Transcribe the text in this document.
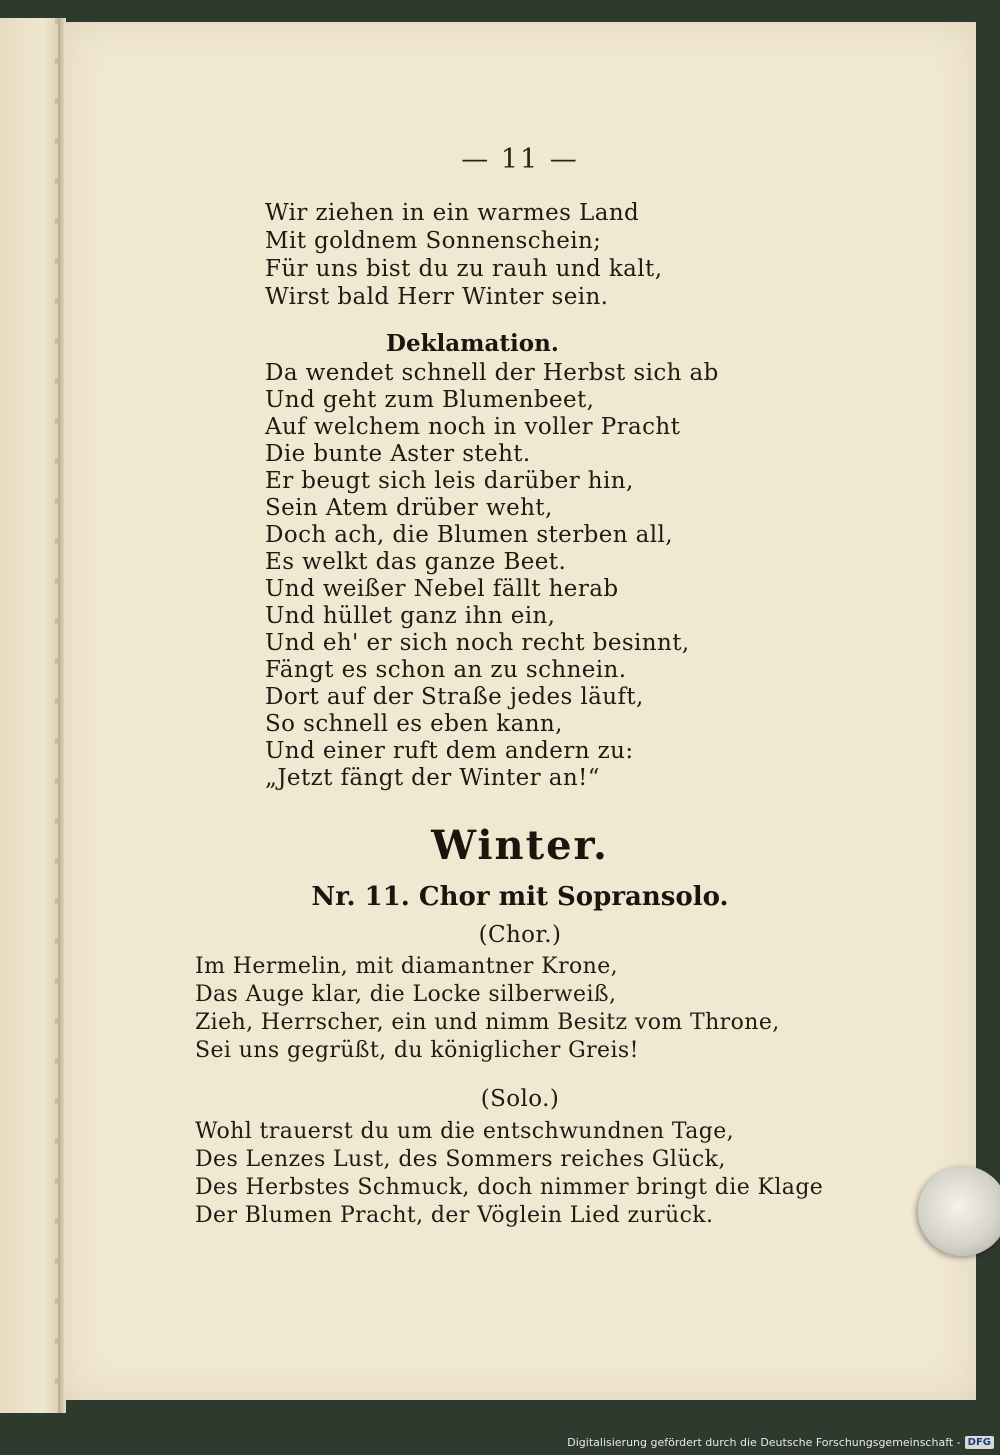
— 11 —
Wir ziehen in ein warmes Land
Mit goldnem Sonnenschein;
Für uns bist du zu rauh und kalt,
Wirst bald Herr Winter sein.
Deklamation.
Da wendet schnell der Herbst sich ab
Und geht zum Blumenbeet,
Auf welchem noch in voller Pracht
Die bunte Aster steht.
Er beugt sich leis darüber hin,
Sein Atem drüber weht,
Doch ach, die Blumen sterben all,
Es welkt das ganze Beet.
Und weißer Nebel fällt herab
Und hüllet ganz ihn ein,
Und eh' er sich noch recht besinnt,
Fängt es schon an zu schnein.
Dort auf der Straße jedes läuft,
So schnell es eben kann,
Und einer ruft dem andern zu:
„Jetzt fängt der Winter an!“
Winter.
Nr. 11. Chor mit Sopransolo.
(Chor.)
Im Hermelin, mit diamantner Krone,
Das Auge klar, die Locke silberweiß,
Zieh, Herrscher, ein und nimm Besitz vom Throne,
Sei uns gegrüßt, du königlicher Greis!
(Solo.)
Wohl trauerst du um die entschwundnen Tage,
Des Lenzes Lust, des Sommers reiches Glück,
Des Herbstes Schmuck, doch nimmer bringt die Klage
Der Blumen Pracht, der Vöglein Lied zurück.
Digitalisierung gefördert durch die Deutsche Forschungsgemeinschaft - DFG
